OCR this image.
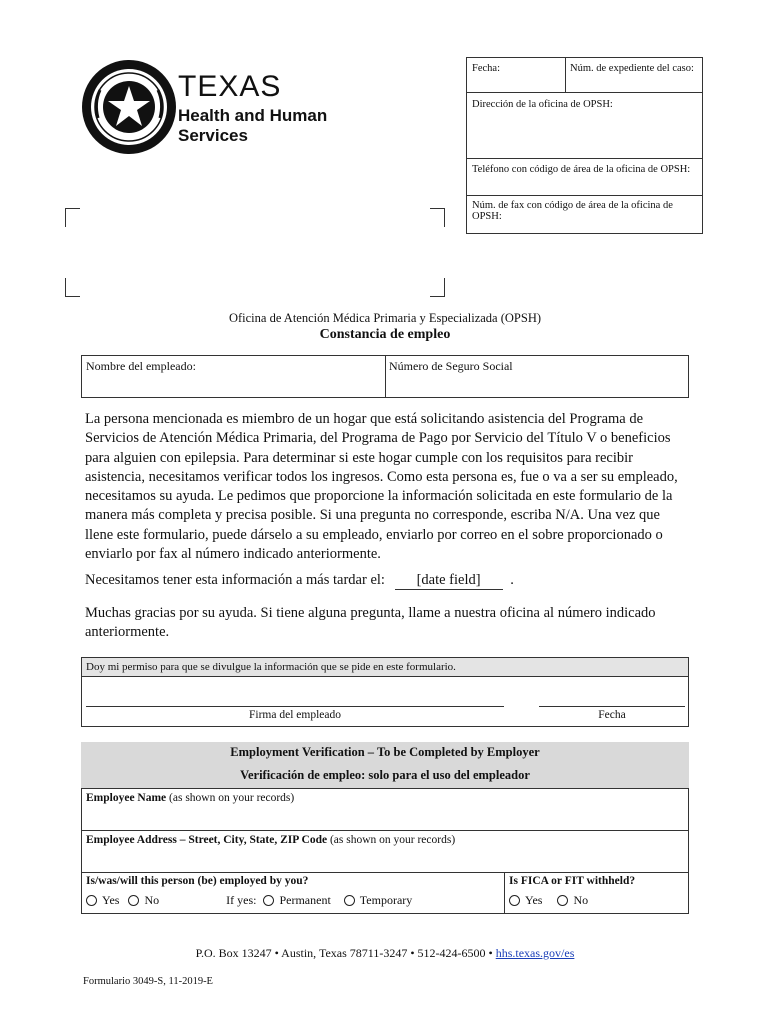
TEXAS
Health and Human
Services
Fecha:	Núm. de expediente del caso:
Dirección de la oficina de OPSH:
Teléfono con código de área de la oficina de OPSH:
Núm. de fax con código de área de la oficina de OPSH:
Oficina de Atención Médica Primaria y Especializada (OPSH)
Constancia de empleo
Nombre del empleado:	Número de Seguro Social
La persona mencionada es miembro de un hogar que está solicitando asistencia del Programa de Servicios de Atención Médica Primaria, del Programa de Pago por Servicio del Título V o beneficios para alguien con epilepsia. Para determinar si este hogar cumple con los requisitos para recibir asistencia, necesitamos verificar todos los ingresos. Como esta persona es, fue o va a ser su empleado, necesitamos su ayuda. Le pedimos que proporcione la información solicitada en este formulario de la manera más completa y precisa posible. Si una pregunta no corresponde, escriba N/A. Una vez que llene este formulario, puede dárselo a su empleado, enviarlo por correo en el sobre proporcionado o enviarlo por fax al número indicado anteriormente.
Necesitamos tener esta información a más tardar el: [date field] .
Muchas gracias por su ayuda. Si tiene alguna pregunta, llame a nuestra oficina al número indicado anteriormente.
Doy mi permiso para que se divulgue la información que se pide en este formulario.
Firma del empleado	Fecha
Employment Verification – To be Completed by Employer
Verificación de empleo: solo para el uso del empleador
Employee Name (as shown on your records)
Employee Address – Street, City, State, ZIP Code (as shown on your records)
Is/was/will this person (be) employed by you?
Yes No	If yes: Permanent Temporary
Is FICA or FIT withheld?
Yes	No
P.O. Box 13247 • Austin, Texas 78711-3247 • 512-424-6500 • hhs.texas.gov/es
Formulario 3049-S, 11-2019-E
